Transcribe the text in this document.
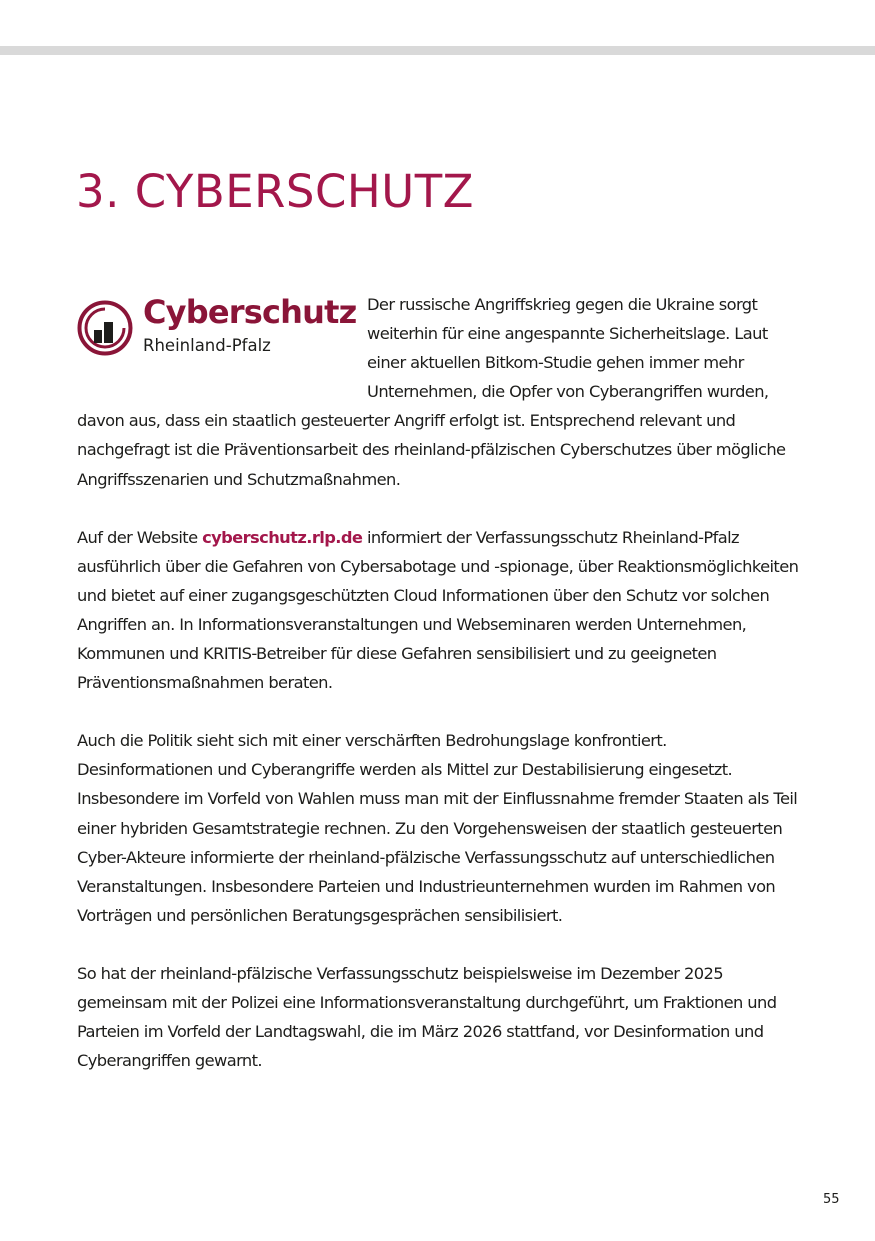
3. CYBERSCHUTZ
Cyberschutz
Rheinland-Pfalz

Der russische Angriffskrieg gegen die Ukraine sorgt weiterhin für eine angespannte Sicherheitslage. Laut einer aktuellen Bitkom-Studie gehen immer mehr Unternehmen, die Opfer von Cyberangriffen wurden, davon aus, dass ein staatlich gesteuerter Angriff erfolgt ist. Entsprechend relevant und nachgefragt ist die Präventionsarbeit des rheinland-pfälzischen Cyberschutzes über mögliche Angriffsszenarien und Schutzmaßnahmen.

Auf der Website cyberschutz.rlp.de informiert der Verfassungsschutz Rheinland-Pfalz ausführlich über die Gefahren von Cybersabotage und -spionage, über Reaktionsmöglichkeiten und bietet auf einer zugangsgeschützten Cloud Informationen über den Schutz vor solchen Angriffen an. In Informationsveranstaltungen und Webseminaren werden Unternehmen, Kommunen und KRITIS-Betreiber für diese Gefahren sensibilisiert und zu geeigneten Präventionsmaßnahmen beraten.

Auch die Politik sieht sich mit einer verschärften Bedrohungslage konfrontiert. Desinformationen und Cyberangriffe werden als Mittel zur Destabilisierung eingesetzt. Insbesondere im Vorfeld von Wahlen muss man mit der Einflussnahme fremder Staaten als Teil einer hybriden Gesamtstrategie rechnen. Zu den Vorgehensweisen der staatlich gesteuerten Cyber-Akteure informierte der rheinland-pfälzische Verfassungsschutz auf unterschiedlichen Veranstaltungen. Insbesondere Parteien und Industrieunternehmen wurden im Rahmen von Vorträgen und persönlichen Beratungsgesprächen sensibilisiert.

So hat der rheinland-pfälzische Verfassungsschutz beispielsweise im Dezember 2025 gemeinsam mit der Polizei eine Informationsveranstaltung durchgeführt, um Fraktionen und Parteien im Vorfeld der Landtagswahl, die im März 2026 stattfand, vor Desinformation und Cyberangriffen gewarnt.

55
